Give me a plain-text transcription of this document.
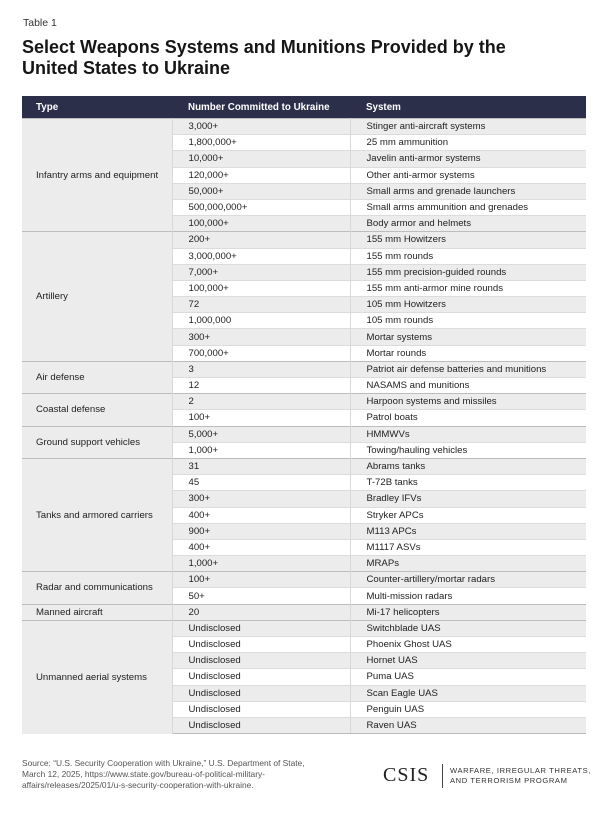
Table 1
Select Weapons Systems and Munitions Provided by the United States to Ukraine
Type	Number Committed to Ukraine	System
Infantry arms and equipment	3,000+	Stinger anti-aircraft systems
	1,800,000+	25 mm ammunition
	10,000+	Javelin anti-armor systems
	120,000+	Other anti-armor systems
	50,000+	Small arms and grenade launchers
	500,000,000+	Small arms ammunition and grenades
	100,000+	Body armor and helmets
Artillery	200+	155 mm Howitzers
	3,000,000+	155 mm rounds
	7,000+	155 mm precision-guided rounds
	100,000+	155 mm anti-armor mine rounds
	72	105 mm Howitzers
	1,000,000	105 mm rounds
	300+	Mortar systems
	700,000+	Mortar rounds
Air defense	3	Patriot air defense batteries and munitions
	12	NASAMS and munitions
Coastal defense	2	Harpoon systems and missiles
	100+	Patrol boats
Ground support vehicles	5,000+	HMMWVs
	1,000+	Towing/hauling vehicles
Tanks and armored carriers	31	Abrams tanks
	45	T-72B tanks
	300+	Bradley IFVs
	400+	Stryker APCs
	900+	M113 APCs
	400+	M1117 ASVs
	1,000+	MRAPs
Radar and communications	100+	Counter-artillery/mortar radars
	50+	Multi-mission radars
Manned aircraft	20	Mi-17 helicopters
Unmanned aerial systems	Undisclosed	Switchblade UAS
	Undisclosed	Phoenix Ghost UAS
	Undisclosed	Hornet UAS
	Undisclosed	Puma UAS
	Undisclosed	Scan Eagle UAS
	Undisclosed	Penguin UAS
	Undisclosed	Raven UAS
Source: “U.S. Security Cooperation with Ukraine,” U.S. Department of State, March 12, 2025, https://www.state.gov/bureau-of-political-military-affairs/releases/2025/01/u-s-security-cooperation-with-ukraine.	CSIS	WARFARE, IRREGULAR THREATS,
AND TERRORISM PROGRAM
